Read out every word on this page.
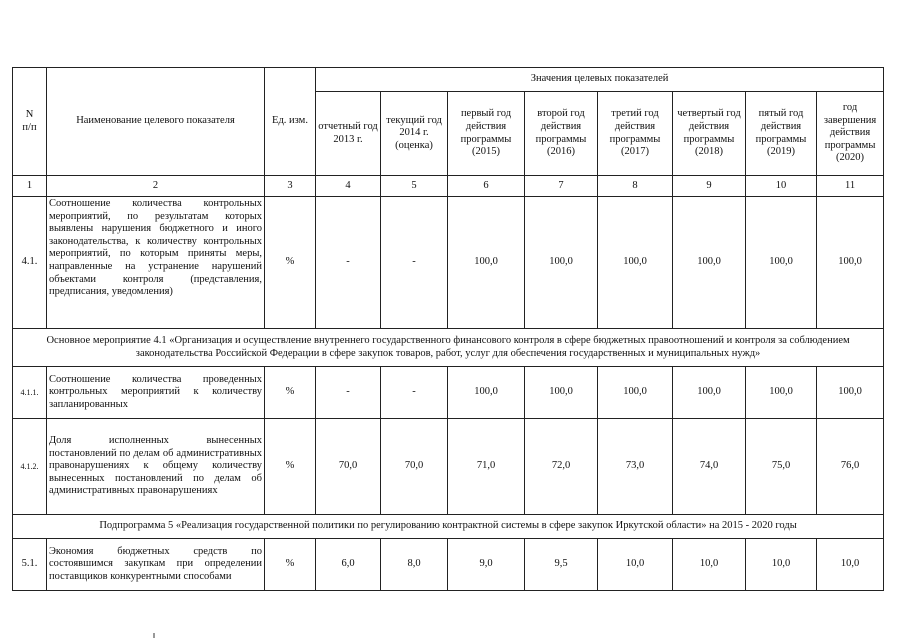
N
п/п	Наименование целевого показателя	Ед. изм.	Значения целевых показателей							
			отчетный год 2013 г.	текущий год 2014 г. (оценка)	первый год действия программы (2015)	второй год действия программы (2016)	третий год действия программы (2017)	четвертый год действия программы (2018)	пятый год действия программы (2019)	год завершения действия программы (2020)
1	2	3	4	5	6	7	8	9	10	11
4.1.	Соотношение количества контрольных мероприятий, по результатам которых выявлены нарушения бюджетного и иного законодательства, к количеству контрольных мероприятий, по которым приняты меры, направленные на устранение нарушений объектами контроля (представления, предписания, уведомления)	%	-	-	100,0	100,0	100,0	100,0	100,0	100,0
Основное мероприятие 4.1 «Организация и осуществление внутреннего государственного финансового контроля в сфере бюджетных правоотношений и контроля за соблюдением законодательства Российской Федерации в сфере закупок товаров, работ, услуг для обеспечения государственных и муниципальных нужд»										
4.1.1.	Соотношение количества проведенных контрольных мероприятий к количеству запланированных	%	-	-	100,0	100,0	100,0	100,0	100,0	100,0
4.1.2.	Доля исполненных вынесенных постановлений по делам об административных правонарушениях к общему количеству вынесенных постановлений по делам об административных правонарушениях	%	70,0	70,0	71,0	72,0	73,0	74,0	75,0	76,0
Подпрограмма 5 «Реализация государственной политики по регулированию контрактной системы в сфере закупок Иркутской области» на 2015 - 2020 годы										
5.1.	Экономия бюджетных средств по состоявшимся закупкам при определении поставщиков конкурентными способами	%	6,0	8,0	9,0	9,5	10,0	10,0	10,0	10,0
